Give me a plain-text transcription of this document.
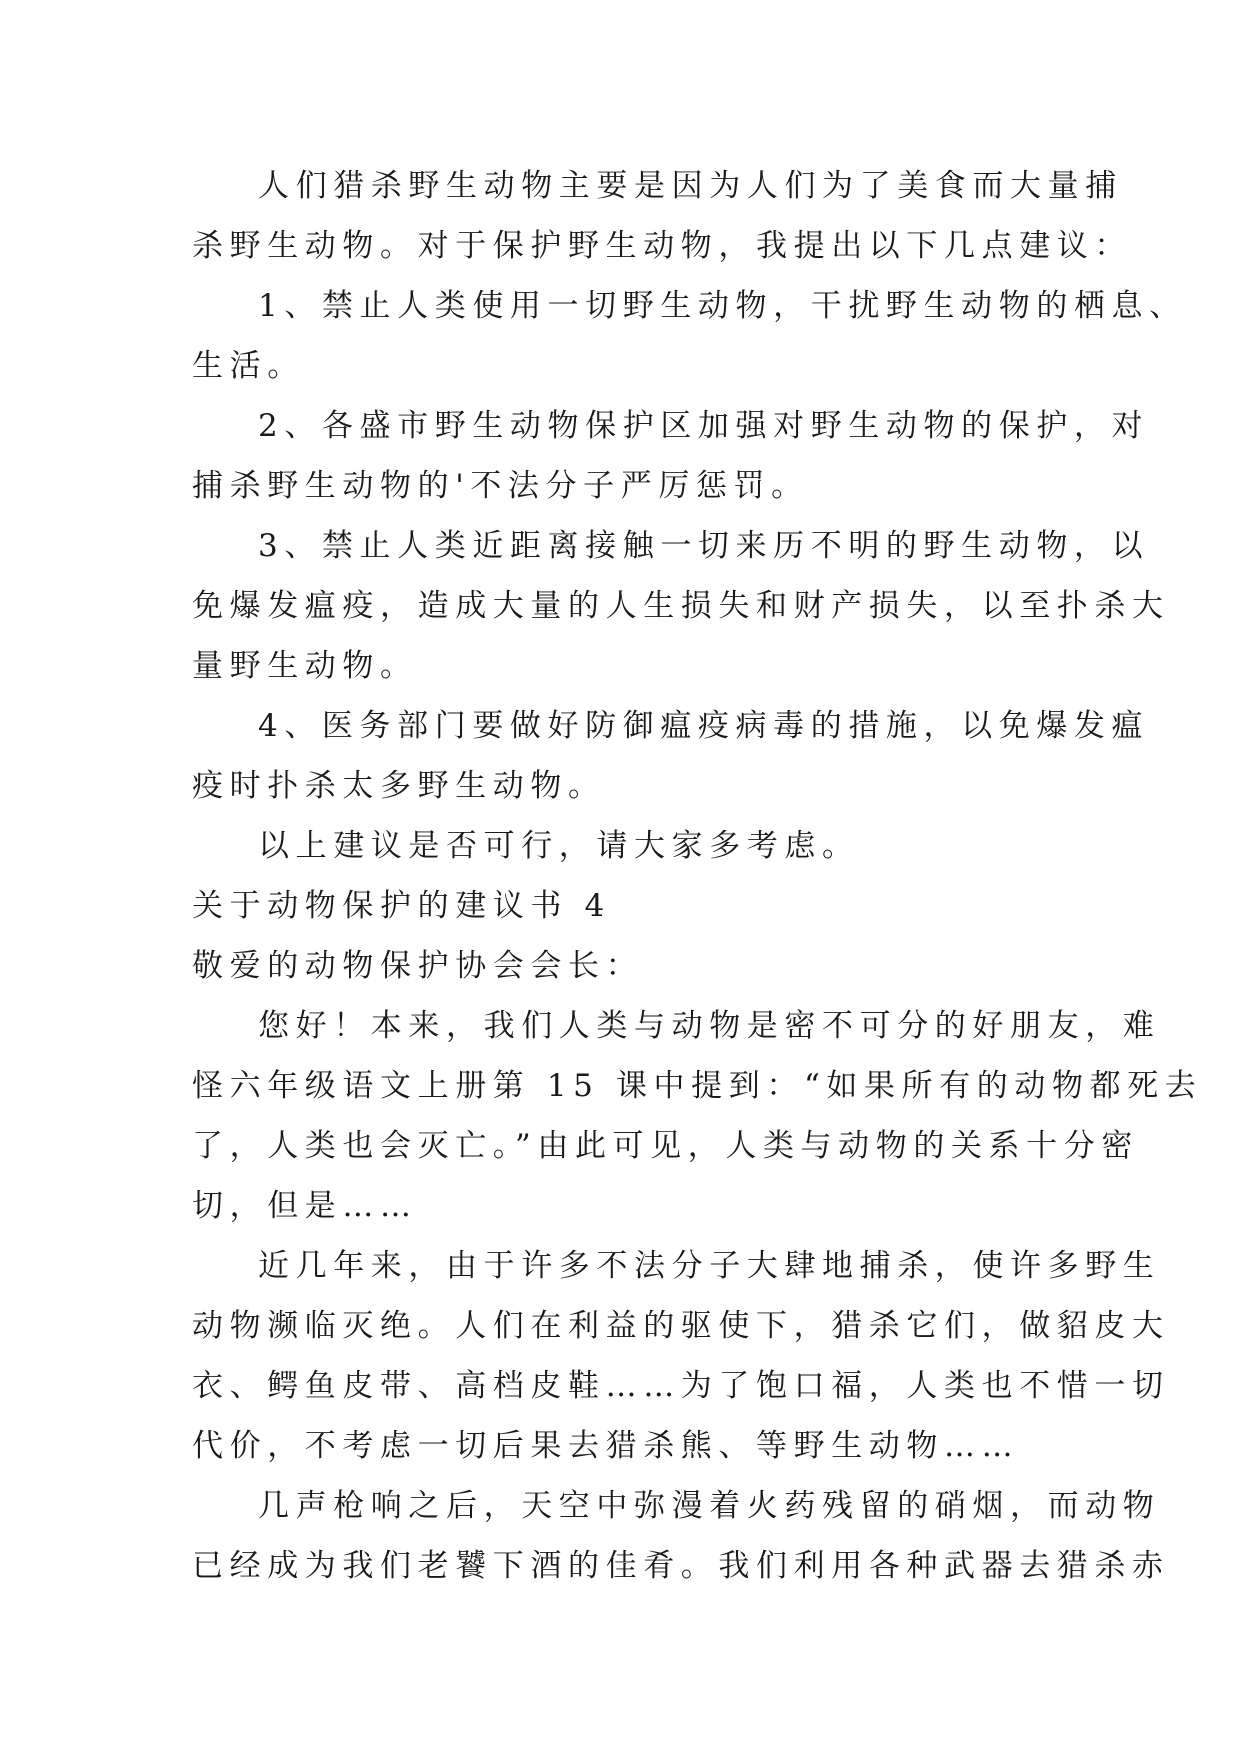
人们猎杀野生动物主要是因为人们为了美食而大量捕
杀野生动物。对于保护野生动物，我提出以下几点建议：
1、禁止人类使用一切野生动物，干扰野生动物的栖息、
生活。
2、各盛市野生动物保护区加强对野生动物的保护，对
捕杀野生动物的'不法分子严厉惩罚。
3、禁止人类近距离接触一切来历不明的野生动物，以
免爆发瘟疫，造成大量的人生损失和财产损失，以至扑杀大
量野生动物。
4、医务部门要做好防御瘟疫病毒的措施，以免爆发瘟
疫时扑杀太多野生动物。
以上建议是否可行，请大家多考虑。
关于动物保护的建议书 4
敬爱的动物保护协会会长：
您好！本来，我们人类与动物是密不可分的好朋友，难
怪六年级语文上册第 15 课中提到：“如果所有的动物都死去
了，人类也会灭亡。”由此可见，人类与动物的关系十分密
切，但是……
近几年来，由于许多不法分子大肆地捕杀，使许多野生
动物濒临灭绝。人们在利益的驱使下，猎杀它们，做貂皮大
衣、鳄鱼皮带、高档皮鞋……为了饱口福，人类也不惜一切
代价，不考虑一切后果去猎杀熊、等野生动物……
几声枪响之后，天空中弥漫着火药残留的硝烟，而动物
已经成为我们老饕下酒的佳肴。我们利用各种武器去猎杀赤
